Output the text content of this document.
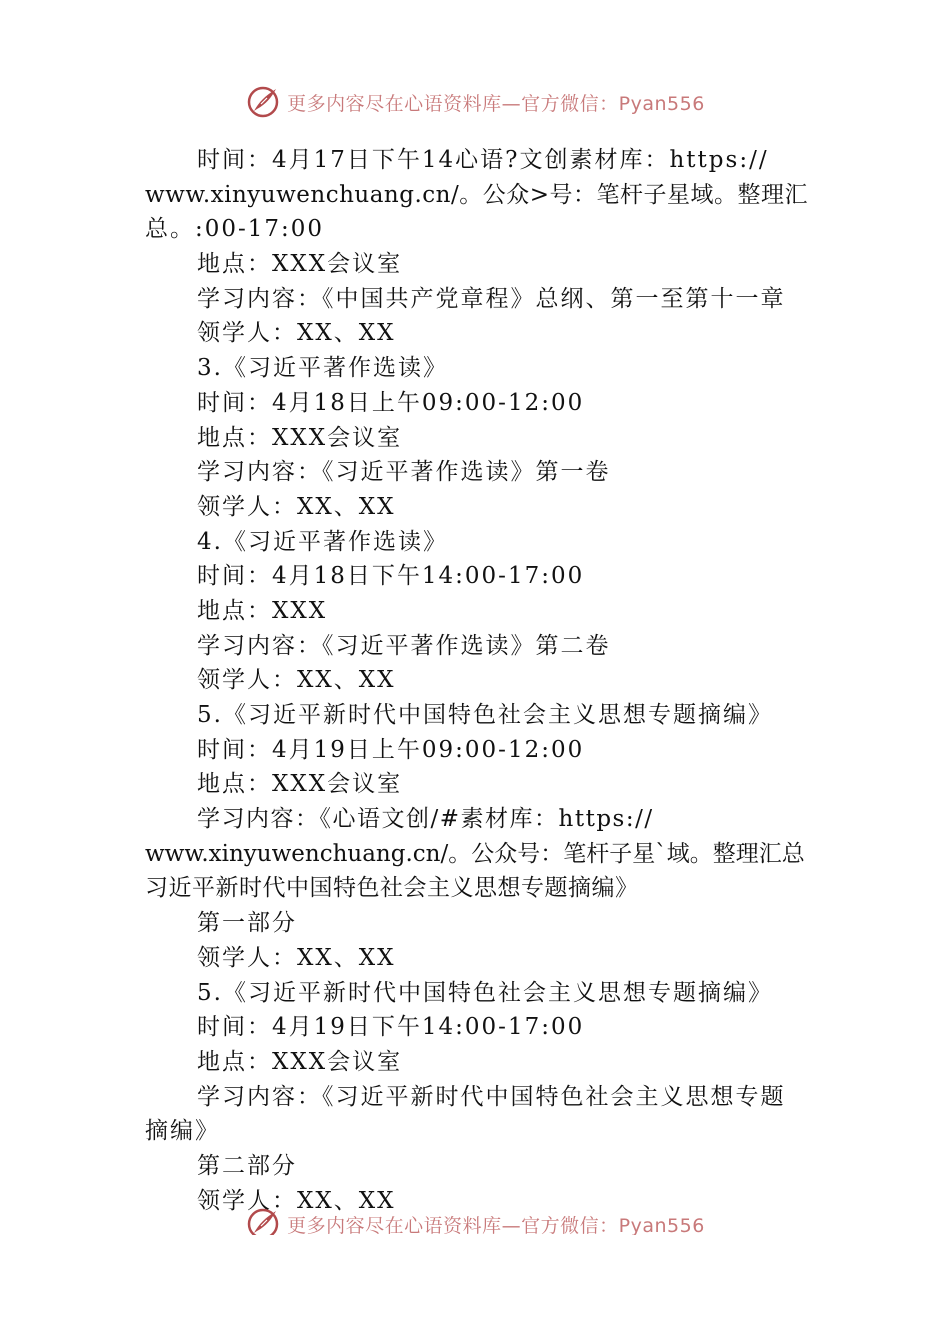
更多内容尽在心语资料库—官方微信：Pyan556
时间：4月17日下午14心语?文创素材库：https://
www.xinyuwenchuang.cn/。公众>号：笔杆子星域。整理汇
总。:00-17:00
地点：XXX会议室
学习内容：《中国共产党章程》总纲、第一至第十一章
领学人：XX、XX
3.《习近平著作选读》
时间：4月18日上午09:00-12:00
地点：XXX会议室
学习内容：《习近平著作选读》第一卷
领学人：XX、XX
4.《习近平著作选读》
时间：4月18日下午14:00-17:00
地点：XXX
学习内容：《习近平著作选读》第二卷
领学人：XX、XX
5.《习近平新时代中国特色社会主义思想专题摘编》
时间：4月19日上午09:00-12:00
地点：XXX会议室
学习内容：《心语文创/#素材库：https://
www.xinyuwenchuang.cn/。公众号：笔杆子星`域。整理汇总
习近平新时代中国特色社会主义思想专题摘编》
第一部分
领学人：XX、XX
5.《习近平新时代中国特色社会主义思想专题摘编》
时间：4月19日下午14:00-17:00
地点：XXX会议室
学习内容：《习近平新时代中国特色社会主义思想专题
摘编》
第二部分
领学人：XX、XX
更多内容尽在心语资料库—官方微信：Pyan556
